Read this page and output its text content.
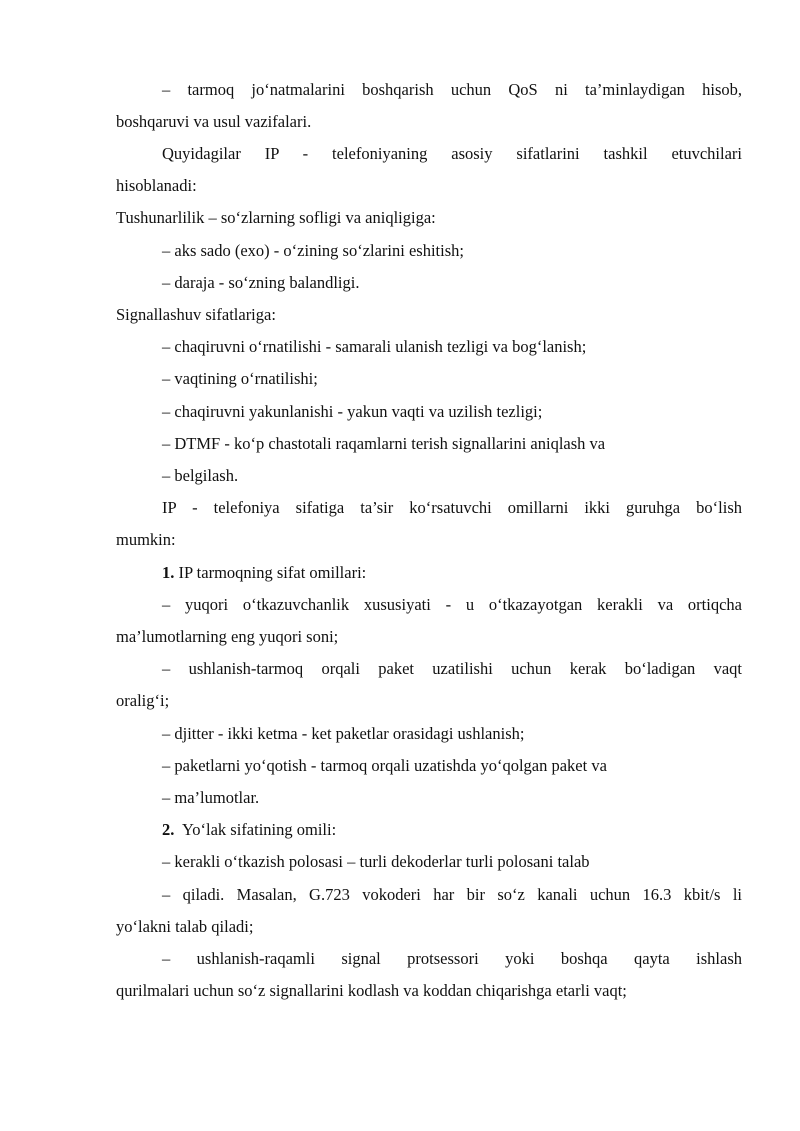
– tarmoq jo‘natmalarini boshqarish uchun QoS ni ta’minlaydigan hisob,
boshqaruvi va usul vazifalari.
Quyidagilar IP - telefoniyaning asosiy sifatlarini tashkil etuvchilari
hisoblanadi:
Tushunarlilik – so‘zlarning sofligi va aniqligiga:
– aks sado (exo) - o‘zining so‘zlarini eshitish;
– daraja - so‘zning balandligi.
Signallashuv sifatlariga:
– chaqiruvni o‘rnatilishi - samarali ulanish tezligi va bog‘lanish;
– vaqtining o‘rnatilishi;
– chaqiruvni yakunlanishi - yakun vaqti va uzilish tezligi;
– DTMF - ko‘p chastotali raqamlarni terish signallarini aniqlash va
– belgilash.
IP - telefoniya sifatiga ta’sir ko‘rsatuvchi omillarni ikki guruhga bo‘lish
mumkin:
1. IP tarmoqning sifat omillari:
– yuqori o‘tkazuvchanlik xususiyati - u o‘tkazayotgan kerakli va ortiqcha
ma’lumotlarning eng yuqori soni;
– ushlanish-tarmoq orqali paket uzatilishi uchun kerak bo‘ladigan vaqt
oralig‘i;
– djitter - ikki ketma - ket paketlar orasidagi ushlanish;
– paketlarni yo‘qotish - tarmoq orqali uzatishda yo‘qolgan paket va
– ma’lumotlar.
2. Yo‘lak sifatining omili:
– kerakli o‘tkazish polosasi – turli dekoderlar turli polosani talab
– qiladi. Masalan, G.723 vokoderi har bir so‘z kanali uchun 16.3 kbit/s li
yo‘lakni talab qiladi;
– ushlanish-raqamli signal protsessori yoki boshqa qayta ishlash
qurilmalari uchun so‘z signallarini kodlash va koddan chiqarishga etarli vaqt;
